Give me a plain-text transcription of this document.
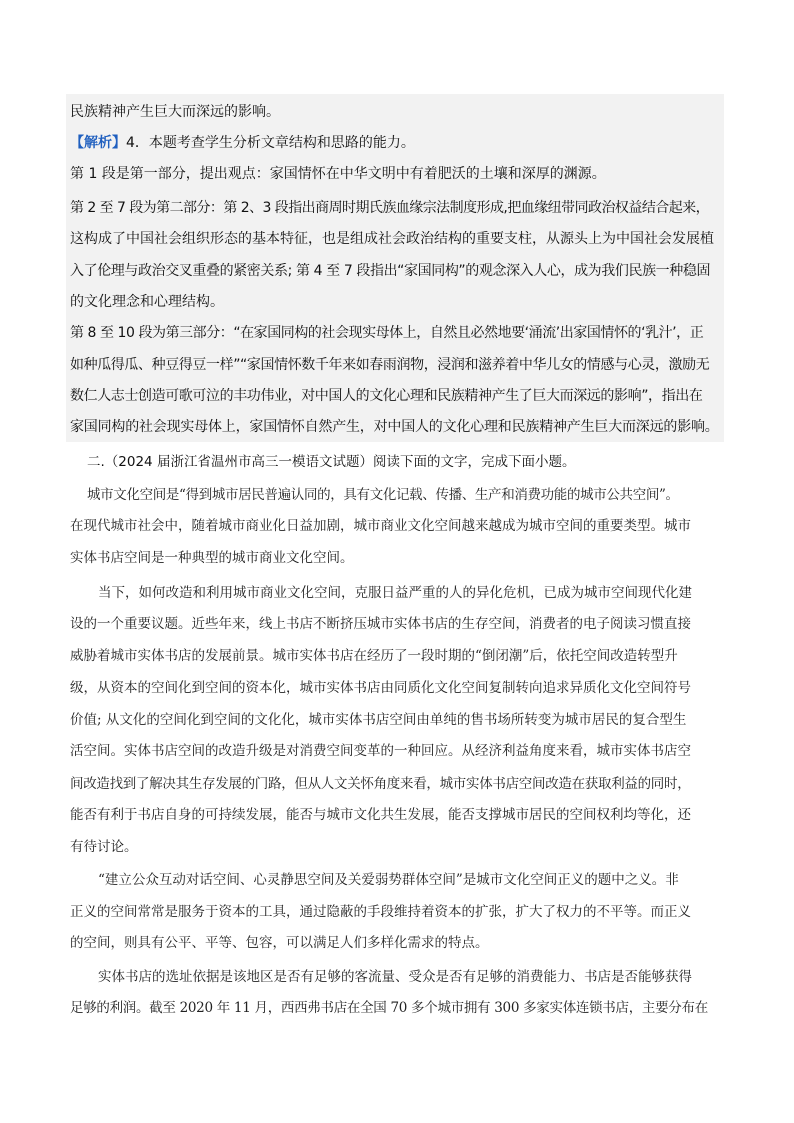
民族精神产生巨大而深远的影响。
【解析】4．本题考查学生分析文章结构和思路的能力。
第 1 段是第一部分，提出观点：家国情怀在中华文明中有着肥沃的土壤和深厚的渊源。
第 2 至 7 段为第二部分：第 2、3 段指出商周时期氏族血缘宗法制度形成,把血缘纽带同政治权益结合起来，
这构成了中国社会组织形态的基本特征，也是组成社会政治结构的重要支柱，从源头上为中国社会发展植
入了伦理与政治交叉重叠的紧密关系; 第 4 至 7 段指出“家国同构”的观念深入人心，成为我们民族一种稳固
的文化理念和心理结构。
第 8 至 10 段为第三部分：“在家国同构的社会现实母体上，自然且必然地要‘涌流’出家国情怀的‘乳汁’，正
如种瓜得瓜、种豆得豆一样”“家国情怀数千年来如春雨润物，浸润和滋养着中华儿女的情感与心灵，激励无
数仁人志士创造可歌可泣的丰功伟业，对中国人的文化心理和民族精神产生了巨大而深远的影响”，指出在
家国同构的社会现实母体上，家国情怀自然产生，对中国人的文化心理和民族精神产生巨大而深远的影响。
二.（2024 届浙江省温州市高三一模语文试题）阅读下面的文字，完成下面小题。
城市文化空间是“得到城市居民普遍认同的，具有文化记载、传播、生产和消费功能的城市公共空间”。
在现代城市社会中，随着城市商业化日益加剧，城市商业文化空间越来越成为城市空间的重要类型。城市
实体书店空间是一种典型的城市商业文化空间。
当下，如何改造和利用城市商业文化空间，克服日益严重的人的异化危机，已成为城市空间现代化建
设的一个重要议题。近些年来，线上书店不断挤压城市实体书店的生存空间，消费者的电子阅读习惯直接
威胁着城市实体书店的发展前景。城市实体书店在经历了一段时期的“倒闭潮”后，依托空间改造转型升
级，从资本的空间化到空间的资本化，城市实体书店由同质化文化空间复制转向追求异质化文化空间符号
价值; 从文化的空间化到空间的文化化，城市实体书店空间由单纯的售书场所转变为城市居民的复合型生
活空间。实体书店空间的改造升级是对消费空间变革的一种回应。从经济利益角度来看，城市实体书店空
间改造找到了解决其生存发展的门路，但从人文关怀角度来看，城市实体书店空间改造在获取利益的同时，
能否有利于书店自身的可持续发展，能否与城市文化共生发展，能否支撑城市居民的空间权利均等化，还
有待讨论。
“建立公众互动对话空间、心灵静思空间及关爱弱势群体空间”是城市文化空间正义的题中之义。非
正义的空间常常是服务于资本的工具，通过隐蔽的手段维持着资本的扩张，扩大了权力的不平等。而正义
的空间，则具有公平、平等、包容，可以满足人们多样化需求的特点。
实体书店的选址依据是该地区是否有足够的客流量、受众是否有足够的消费能力、书店是否能够获得
足够的利润。截至 2020 年 11 月，西西弗书店在全国 70 多个城市拥有 300 多家实体连锁书店，主要分布在
